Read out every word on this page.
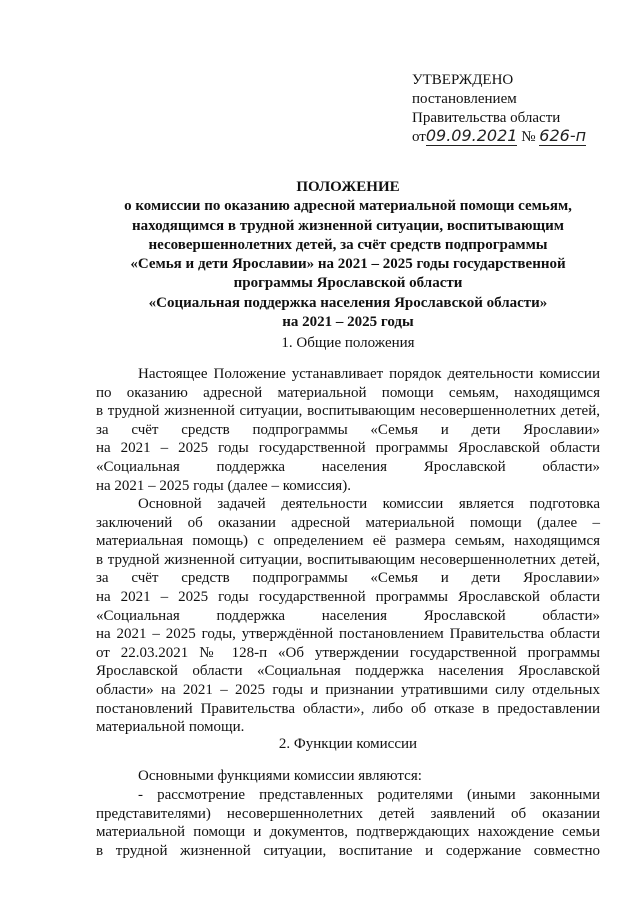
УТВЕРЖДЕНО
постановлением
Правительства области
от09.09.2021 № 626-п
ПОЛОЖЕНИЕ
о комиссии по оказанию адресной материальной помощи семьям,
находящимся в трудной жизненной ситуации, воспитывающим
несовершеннолетних детей, за счёт средств подпрограммы
«Семья и дети Ярославии» на 2021 – 2025 годы государственной
программы Ярославской области
«Социальная поддержка населения Ярославской области»
на 2021 – 2025 годы
1. Общие положения
Настоящее Положение устанавливает порядок деятельности комиссии
по оказанию адресной материальной помощи семьям, находящимся
в трудной жизненной ситуации, воспитывающим несовершеннолетних детей,
за счёт средств подпрограммы «Семья и дети Ярославии»
на 2021 – 2025 годы государственной программы Ярославской области
«Социальная поддержка населения Ярославской области»
на 2021 – 2025 годы (далее – комиссия).
Основной задачей деятельности комиссии является подготовка
заключений об оказании адресной материальной помощи (далее –
материальная помощь) с определением её размера семьям, находящимся
в трудной жизненной ситуации, воспитывающим несовершеннолетних детей,
за счёт средств подпрограммы «Семья и дети Ярославии»
на 2021 – 2025 годы государственной программы Ярославской области
«Социальная поддержка населения Ярославской области»
на 2021 – 2025 годы, утверждённой постановлением Правительства области
от 22.03.2021 № 128-п «Об утверждении государственной программы
Ярославской области «Социальная поддержка населения Ярославской
области» на 2021 – 2025 годы и признании утратившими силу отдельных
постановлений Правительства области», либо об отказе в предоставлении
материальной помощи.
2. Функции комиссии
Основными функциями комиссии являются:
- рассмотрение представленных родителями (иными законными
представителями) несовершеннолетних детей заявлений об оказании
материальной помощи и документов, подтверждающих нахождение семьи
в трудной жизненной ситуации, воспитание и содержание совместно
